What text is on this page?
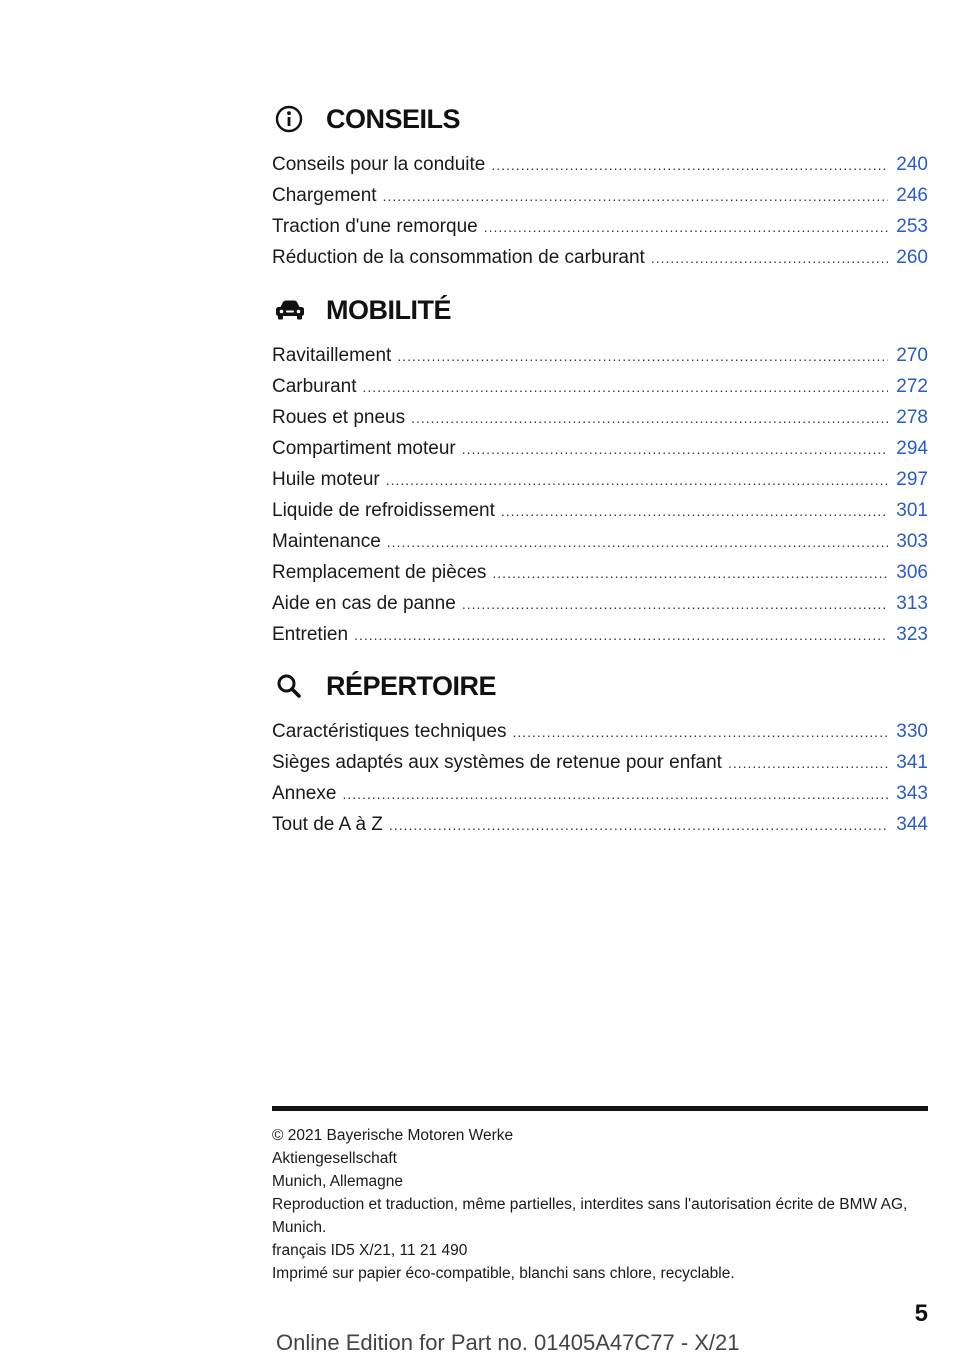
CONSEILS
Conseils pour la conduite .....	240
Chargement .....	246
Traction d'une remorque .....	253
Réduction de la consommation de carburant .....	260
MOBILITÉ
Ravitaillement .....	270
Carburant .....	272
Roues et pneus .....	278
Compartiment moteur .....	294
Huile moteur .....	297
Liquide de refroidissement .....	301
Maintenance .....	303
Remplacement de pièces .....	306
Aide en cas de panne .....	313
Entretien .....	323
RÉPERTOIRE
Caractéristiques techniques .....	330
Sièges adaptés aux systèmes de retenue pour enfant .....	341
Annexe .....	343
Tout de A à Z .....	344
© 2021 Bayerische Motoren Werke
Aktiengesellschaft
Munich, Allemagne
Reproduction et traduction, même partielles, interdites sans l'autorisation écrite de BMW AG, Munich.
français ID5 X/21, 11 21 490
Imprimé sur papier éco-compatible, blanchi sans chlore, recyclable.
5
Online Edition for Part no. 01405A47C77 - X/21
